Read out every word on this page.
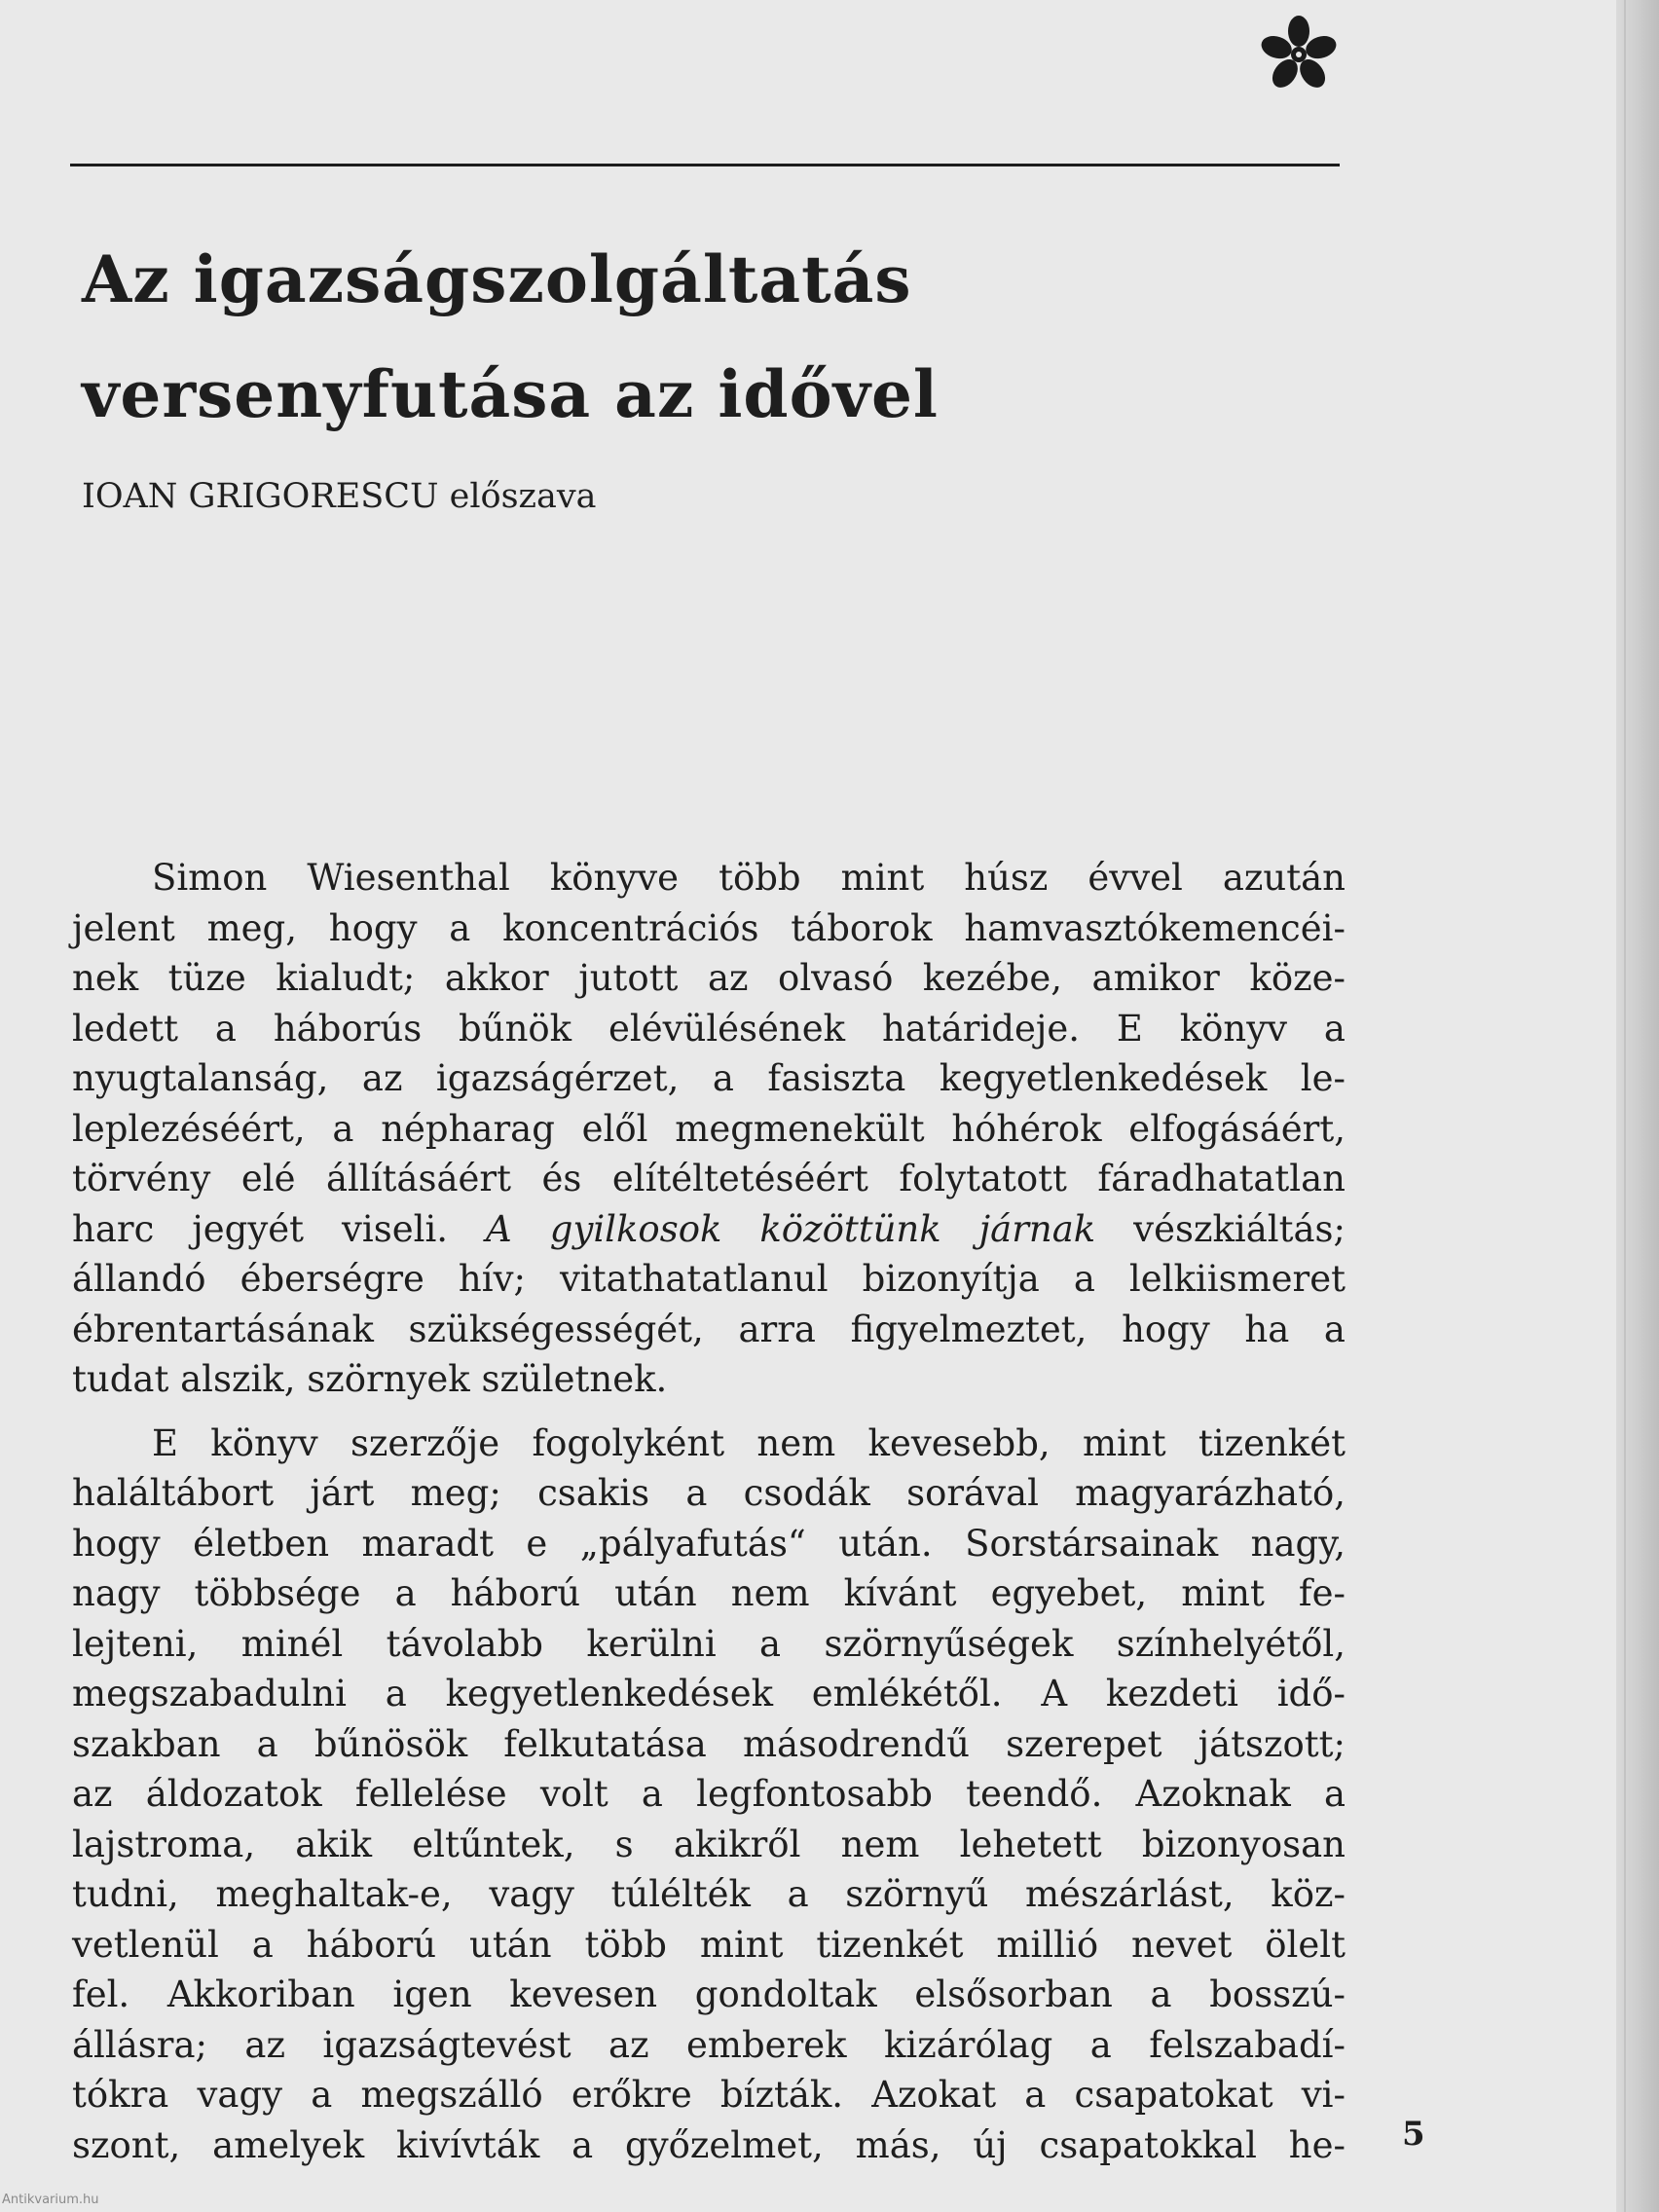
Az igazságszolgáltatás
versenyfutása az idővel

IOAN GRIGORESCU előszava

Simon Wiesenthal könyve több mint húsz évvel azután
jelent meg, hogy a koncentrációs táborok hamvasztókemencéi-
nek tüze kialudt; akkor jutott az olvasó kezébe, amikor köze-
ledett a háborús bűnök elévülésének határideje. E könyv a
nyugtalanság, az igazságérzet, a fasiszta kegyetlenkedések le-
leplezéséért, a népharag elől megmenekült hóhérok elfogásáért,
törvény elé állításáért és elítéltetéséért folytatott fáradhatatlan
harc jegyét viseli. A gyilkosok közöttünk járnak vészkiáltás;
állandó éberségre hív; vitathatatlanul bizonyítja a lelkiismeret
ébrentartásának szükségességét, arra figyelmeztet, hogy ha a
tudat alszik, szörnyek születnek.

E könyv szerzője fogolyként nem kevesebb, mint tizenkét
haláltábort járt meg; csakis a csodák sorával magyarázható,
hogy életben maradt e „pályafutás“ után. Sorstársainak nagy,
nagy többsége a háború után nem kívánt egyebet, mint fe-
lejteni, minél távolabb kerülni a szörnyűségek színhelyétől,
megszabadulni a kegyetlenkedések emlékétől. A kezdeti idő-
szakban a bűnösök felkutatása másodrendű szerepet játszott;
az áldozatok fellelése volt a legfontosabb teendő. Azoknak a
lajstroma, akik eltűntek, s akikről nem lehetett bizonyosan
tudni, meghaltak-e, vagy túlélték a szörnyű mészárlást, köz-
vetlenül a háború után több mint tizenkét millió nevet ölelt
fel. Akkoriban igen kevesen gondoltak elsősorban a bosszú-
állásra; az igazságtevést az emberek kizárólag a felszabadí-
tókra vagy a megszálló erőkre bízták. Azokat a csapatokat vi-
szont, amelyek kivívták a győzelmet, más, új csapatokkal he- 5
Antikvarium.hu
